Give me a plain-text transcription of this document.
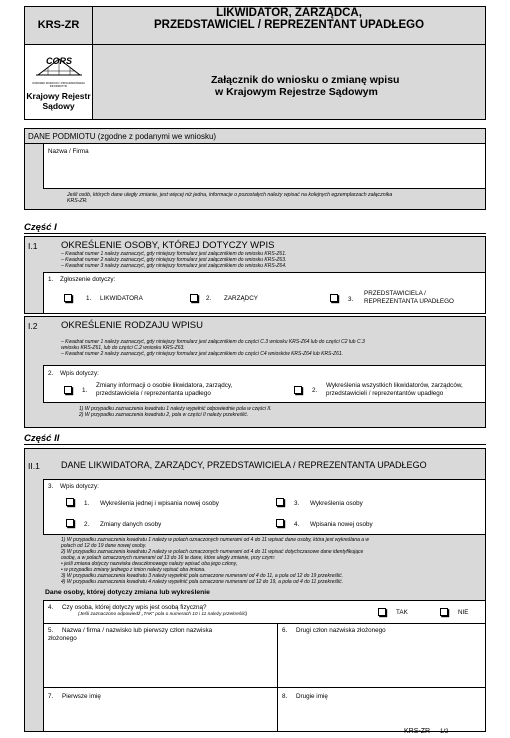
KRS-ZR
LIKWIDATOR, ZARZĄDCA,
PRZEDSTAWICIEL / REPREZENTANT UPADŁEGO
CORS
OŚRODEK ROZWOJU I PROGRAMOWANIA INFORMATYKI
Krajowy Rejestr
Sądowy
Załącznik do wniosku o zmianę wpisu
w Krajowym Rejestrze Sądowym
DANE PODMIOTU (zgodne z podanymi we wniosku)
Nazwa / Firma
Jeśli osób, których dane uległy zmianie, jest więcej niż jedna, informacje o pozostałych należy wpisać na kolejnych egzemplarzach załącznika
KRS-ZR.
Część I
I.1 OKREŚLENIE OSOBY, KTÓREJ DOTYCZY WPIS
– Kwadrat numer 1 należy zaznaczyć, gdy niniejszy formularz jest załącznikiem do wniosku KRS-Z61.
– Kwadrat numer 2 należy zaznaczyć, gdy niniejszy formularz jest załącznikiem do wniosku KRS-Z63.
– Kwadrat numer 3 należy zaznaczyć, gdy niniejszy formularz jest załącznikiem do wniosku KRS-Z64.
1. Zgłoszenie dotyczy:
1. LIKWIDATORA	2. ZARZĄDCY	3.
PRZEDSTAWICIELA /
REPREZENTANTA UPADŁEGO
I.2 OKREŚLENIE RODZAJU WPISU
– Kwadrat numer 1 należy zaznaczyć, gdy niniejszy formularz jest załącznikiem do części C.3 wniosku KRS-Z64 lub do części C2 lub C.3
wniosku KRS-Z61, lub do części C.2 wniosku KRS-Z63.
– Kwadrat numer 2 należy zaznaczyć, gdy niniejszy formularz jest załącznikiem do części C4 wniosków KRS-Z64 lub KRS-Z61.
2. Wpis dotyczy:
1.
Zmiany informacji o osobie likwidatora, zarządcy,
przedstawiciela / reprezentanta upadłego	2.
Wykreślenia wszystkich likwidatorów, zarządców,
przedstawicieli / reprezentantów upadłego
1) W przypadku zaznaczenia kwadratu 1 należy wypełnić odpowiednie pola w części II.
2) W przypadku zaznaczenia kwadratu 2, pola w części II należy przekreślić.
Część II
II.1 DANE LIKWIDATORA, ZARZĄDCY, PRZEDSTAWICIELA / REPREZENTANTA UPADŁEGO
3. Wpis dotyczy:
1. Wykreślenia jednej i wpisania nowej osoby	3. Wykreślenia osoby
2. Zmiany danych osoby	4. Wpisania nowej osoby
1) W przypadku zaznaczenia kwadratu 1 należy w polach oznaczonych numerami od 4 do 11 wpisać dane osoby, która jest wykreślana a w
polach od 12 do 19 dane nowej osoby.
2) W przypadku zaznaczenia kwadratu 2 należy w polach oznaczonych numerami od 4 do 11 wpisać dotychczasowe dane identyfikujące
osobę, a w polach oznaczonych numerami od 13 do 16 te dane, które uległy zmianie, przy czym:
• jeśli zmiana dotyczy nazwiska dwuczłonowego należy wpisać oba jego człony,
• w przypadku zmiany jednego z imion należy wpisać oba imiona.
3) W przypadku zaznaczenia kwadratu 3 należy wypełnić pola oznaczone numerami od 4 do 11, a pola od 12 do 19 przekreślić.
4) W przypadku zaznaczenia kwadratu 4 należy wypełnić pola oznaczone numerami od 12 do 19, a pola od 4 do 11 przekreślić.
Dane osoby, której dotyczy zmiana lub wykreślenie
4. Czy osoba, której dotyczy wpis jest osobą fizyczną?
(Jeśli zaznaczono odpowiedź „TAK” pola o numerach 10 i 11 należy przekreślić)	TAK	NIE
5. Nazwa / firma / nazwisko lub pierwszy człon nazwiska
złożonego
6. Drugi człon nazwiska złożonego
7. Pierwsze imię	8. Drugie imię
KRS-ZR 1/2
